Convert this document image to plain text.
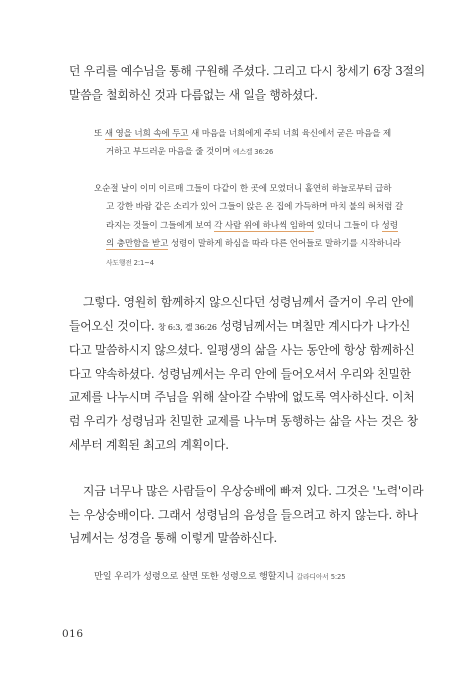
던 우리를 예수님을 통해 구원해 주셨다. 그리고 다시 창세기 6장 3절의
말씀을 철회하신 것과 다름없는 새 일을 행하셨다.

또 새 영을 너희 속에 두고 새 마음을 너희에게 주되 너희 육신에서 굳은 마음을 제
거하고 부드러운 마음을 줄 것이며 에스겔 36:26
오순절 날이 이미 이르매 그들이 다같이 한 곳에 모였더니 홀연히 하늘로부터 급하
고 강한 바람 같은 소리가 있어 그들이 앉은 온 집에 가득하며 마치 불의 혀처럼 갈
라지는 것들이 그들에게 보여 각 사람 위에 하나씩 임하여 있더니 그들이 다 성령
의 충만함을 받고 성령이 말하게 하심을 따라 다른 언어들로 말하기를 시작하니라
사도행전 2:1~4

그렇다. 영원히 함께하지 않으신다던 성령님께서 즐거이 우리 안에
들어오신 것이다. 창 6:3, 겔 36:26 성령님께서는 며칠만 계시다가 나가신
다고 말씀하시지 않으셨다. 일평생의 삶을 사는 동안에 항상 함께하신
다고 약속하셨다. 성령님께서는 우리 안에 들어오셔서 우리와 친밀한
교제를 나누시며 주님을 위해 살아갈 수밖에 없도록 역사하신다. 이처
럼 우리가 성령님과 친밀한 교제를 나누며 동행하는 삶을 사는 것은 창
세부터 계획된 최고의 계획이다.

지금 너무나 많은 사람들이 우상숭배에 빠져 있다. 그것은 '노력'이라
는 우상숭배이다. 그래서 성령님의 음성을 들으려고 하지 않는다. 하나
님께서는 성경을 통해 이렇게 말씀하신다.

만일 우리가 성령으로 살면 또한 성령으로 행할지니 갈라디아서 5:25
016
